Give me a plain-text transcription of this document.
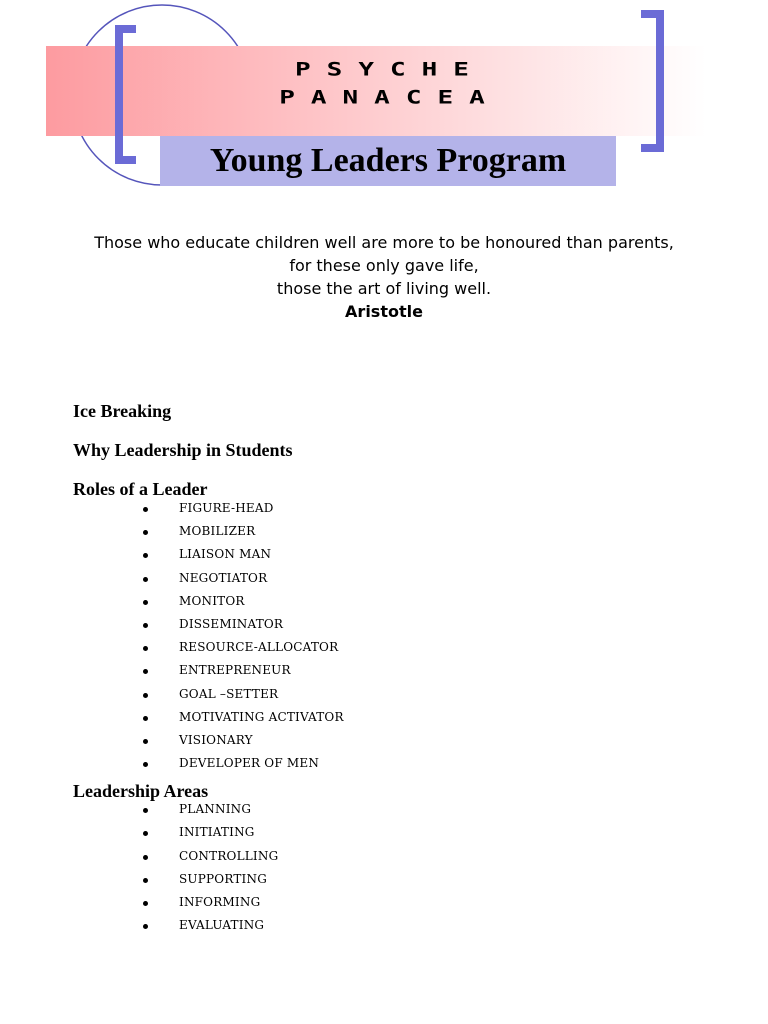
PSYCHE
PANACEA
Young Leaders Program

Those who educate children well are more to be honoured than parents,

for these only gave life,

those the art of living well.

Aristotle

Ice Breaking
Why Leadership in Students
Roles of a Leader
FIGURE-HEAD
MOBILIZER
LIAISON MAN
NEGOTIATOR
MONITOR
DISSEMINATOR
RESOURCE-ALLOCATOR
ENTREPRENEUR
GOAL –SETTER
MOTIVATING ACTIVATOR
VISIONARY
DEVELOPER OF MEN
Leadership Areas
PLANNING
INITIATING
CONTROLLING
SUPPORTING
INFORMING
EVALUATING
